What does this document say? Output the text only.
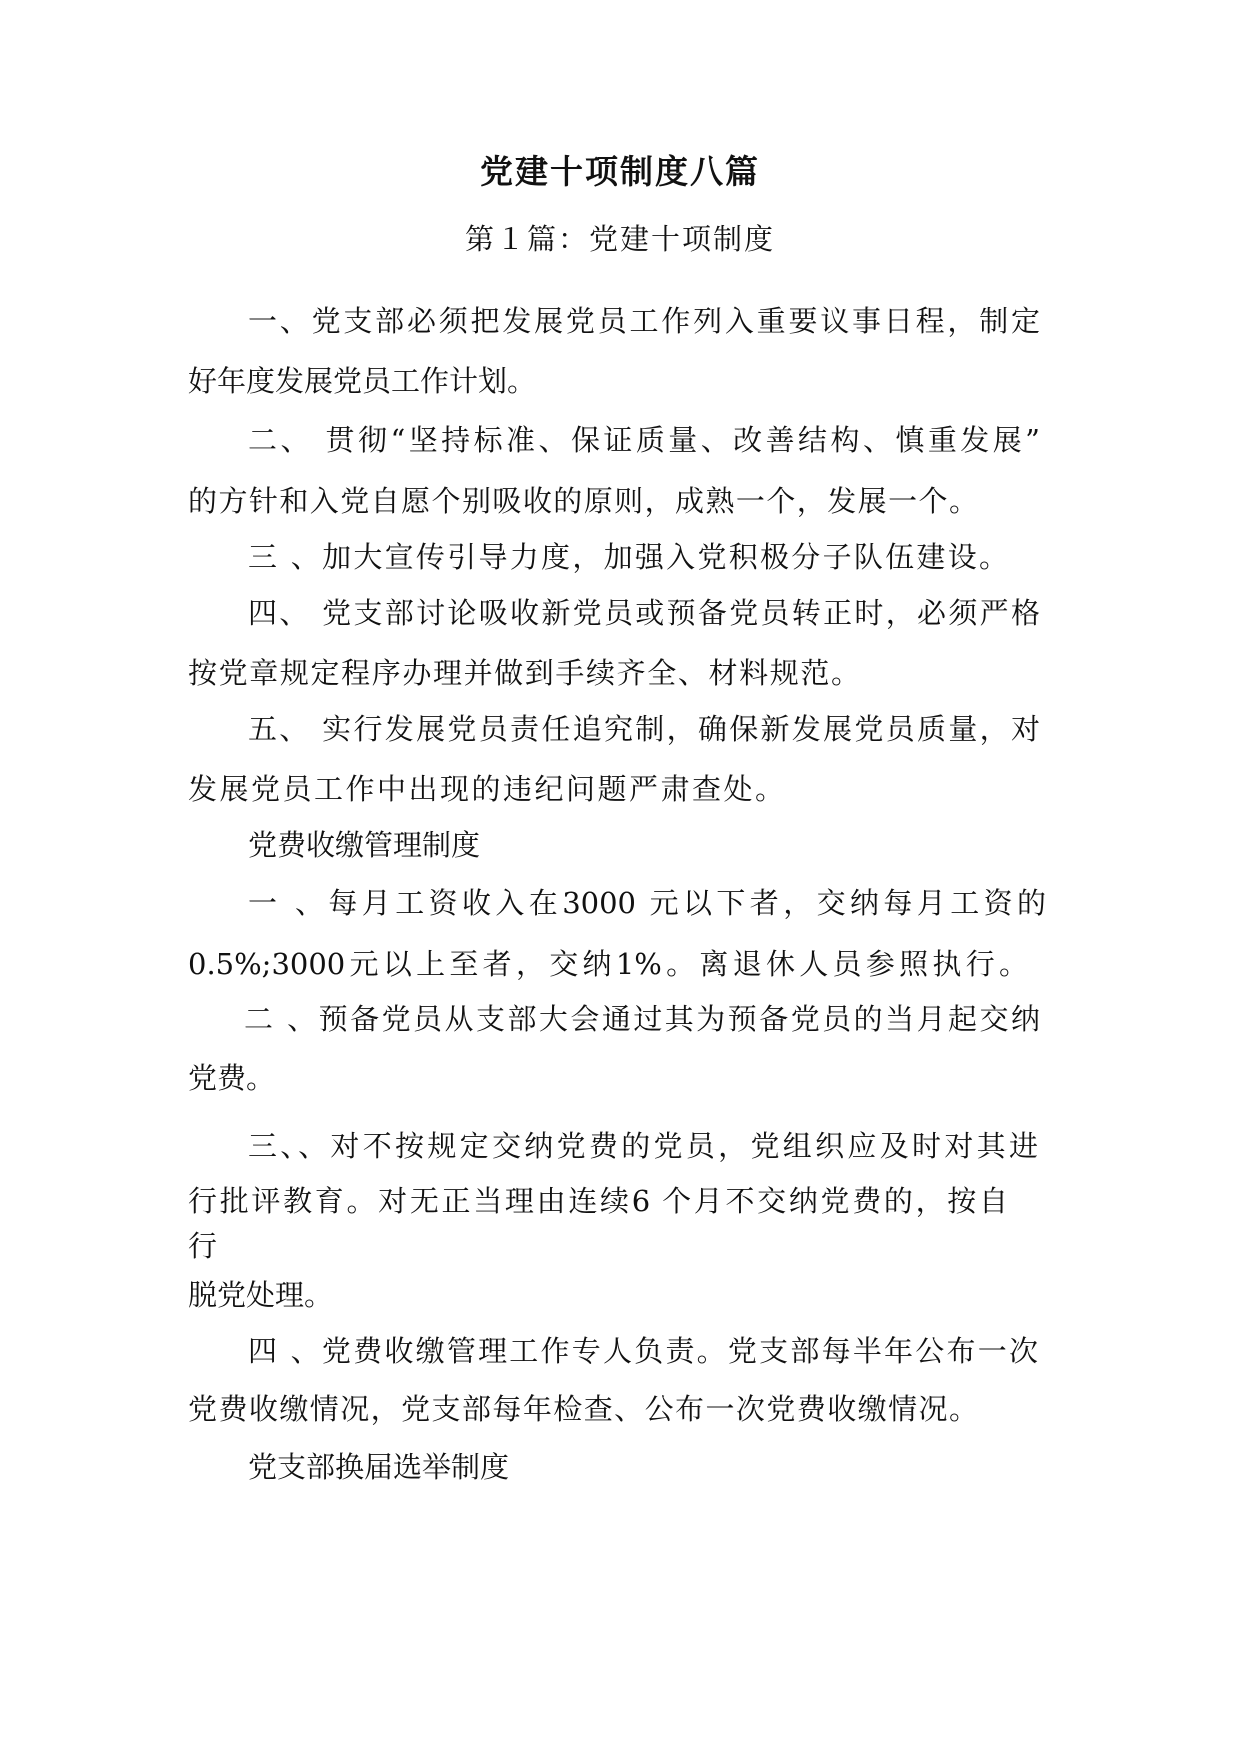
党建十项制度八篇
第１篇：党建十项制度
一、党支部必须把发展党员工作列入重要议事日程，制定
好年度发展党员工作计划。
二、 贯彻“坚持标准、保证质量、改善结构、慎重发展”
的方针和入党自愿个别吸收的原则，成熟一个，发展一个。
三 、加大宣传引导力度，加强入党积极分子队伍建设。
四、 党支部讨论吸收新党员或预备党员转正时，必须严格
按党章规定程序办理并做到手续齐全、材料规范。
五、 实行发展党员责任追究制，确保新发展党员质量，对
发展党员工作中出现的违纪问题严肃查处。
党费收缴管理制度
一 、每月工资收入在3000 元以下者，交纳每月工资的
0.5%;3000元以上至者，交纳1%。离退休人员参照执行。
二 、预备党员从支部大会通过其为预备党员的当月起交纳
党费。
三、、对不按规定交纳党费的党员，党组织应及时对其进
行批评教育。对无正当理由连续6 个月不交纳党费的，按自
行
脱党处理。
四 、党费收缴管理工作专人负责。党支部每半年公布一次
党费收缴情况，党支部每年检查、公布一次党费收缴情况。
党支部换届选举制度
